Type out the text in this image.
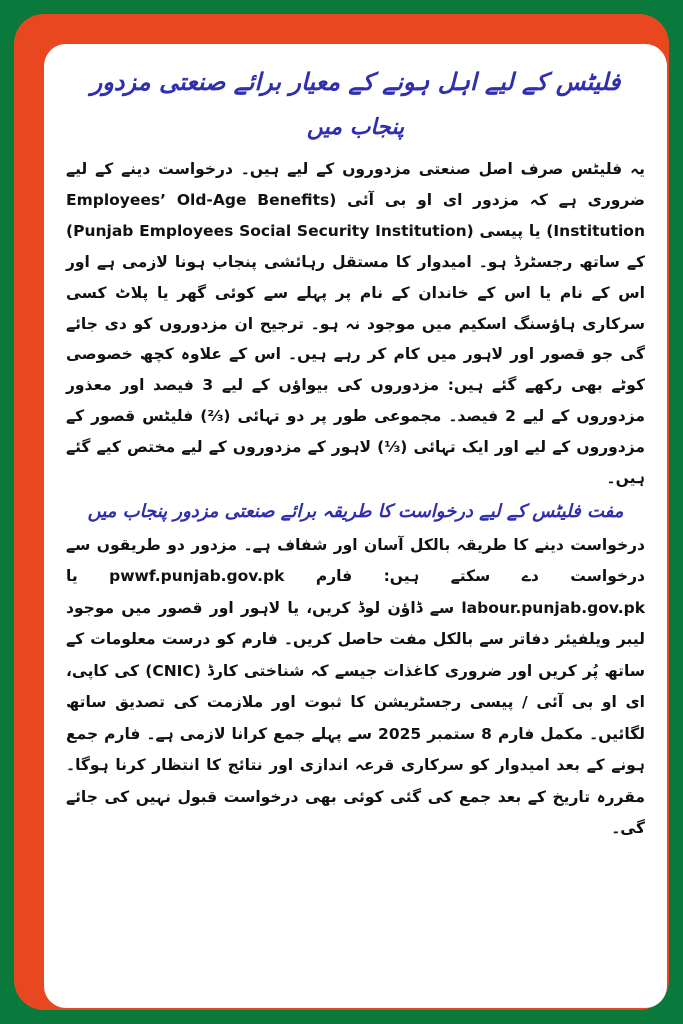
فلیٹس کے لیے اہل ہونے کے معیار برائے صنعتی مزدور
پنجاب میں

یہ فلیٹس صرف اصل صنعتی مزدوروں کے لیے ہیں۔ درخواست دینے کے لیے ضروری ہے کہ مزدور ای او بی آئی (Employees’ Old-Age Benefits Institution) یا پیسی (Punjab Employees Social Security Institution) کے ساتھ رجسٹرڈ ہو۔ امیدوار کا مستقل رہائشی پنجاب ہونا لازمی ہے اور اس کے نام یا اس کے خاندان کے نام پر پہلے سے کوئی گھر یا پلاٹ کسی سرکاری ہاؤسنگ اسکیم میں موجود نہ ہو۔ ترجیح ان مزدوروں کو دی جائے گی جو قصور اور لاہور میں کام کر رہے ہیں۔ اس کے علاوہ کچھ خصوصی کوٹے بھی رکھے گئے ہیں: مزدوروں کی بیواؤں کے لیے 3 فیصد اور معذور مزدوروں کے لیے 2 فیصد۔ مجموعی طور پر دو تہائی (⅔) فلیٹس قصور کے مزدوروں کے لیے اور ایک تہائی (⅓) لاہور کے مزدوروں کے لیے مختص کیے گئے ہیں۔

مفت فلیٹس کے لیے درخواست کا طریقہ برائے صنعتی مزدور پنجاب میں

درخواست دینے کا طریقہ بالکل آسان اور شفاف ہے۔ مزدور دو طریقوں سے درخواست دے سکتے ہیں: فارم pwwf.punjab.gov.pk یا labour.punjab.gov.pk سے ڈاؤن لوڈ کریں، یا لاہور اور قصور میں موجود لیبر ویلفیئر دفاتر سے بالکل مفت حاصل کریں۔ فارم کو درست معلومات کے ساتھ پُر کریں اور ضروری کاغذات جیسے کہ شناختی کارڈ (CNIC) کی کاپی، ای او بی آئی / پیسی رجسٹریشن کا ثبوت اور ملازمت کی تصدیق ساتھ لگائیں۔ مکمل فارم 8 ستمبر 2025 سے پہلے جمع کرانا لازمی ہے۔ فارم جمع ہونے کے بعد امیدوار کو سرکاری قرعہ اندازی اور نتائج کا انتظار کرنا ہوگا۔ مقررہ تاریخ کے بعد جمع کی گئی کوئی بھی درخواست قبول نہیں کی جائے گی۔
